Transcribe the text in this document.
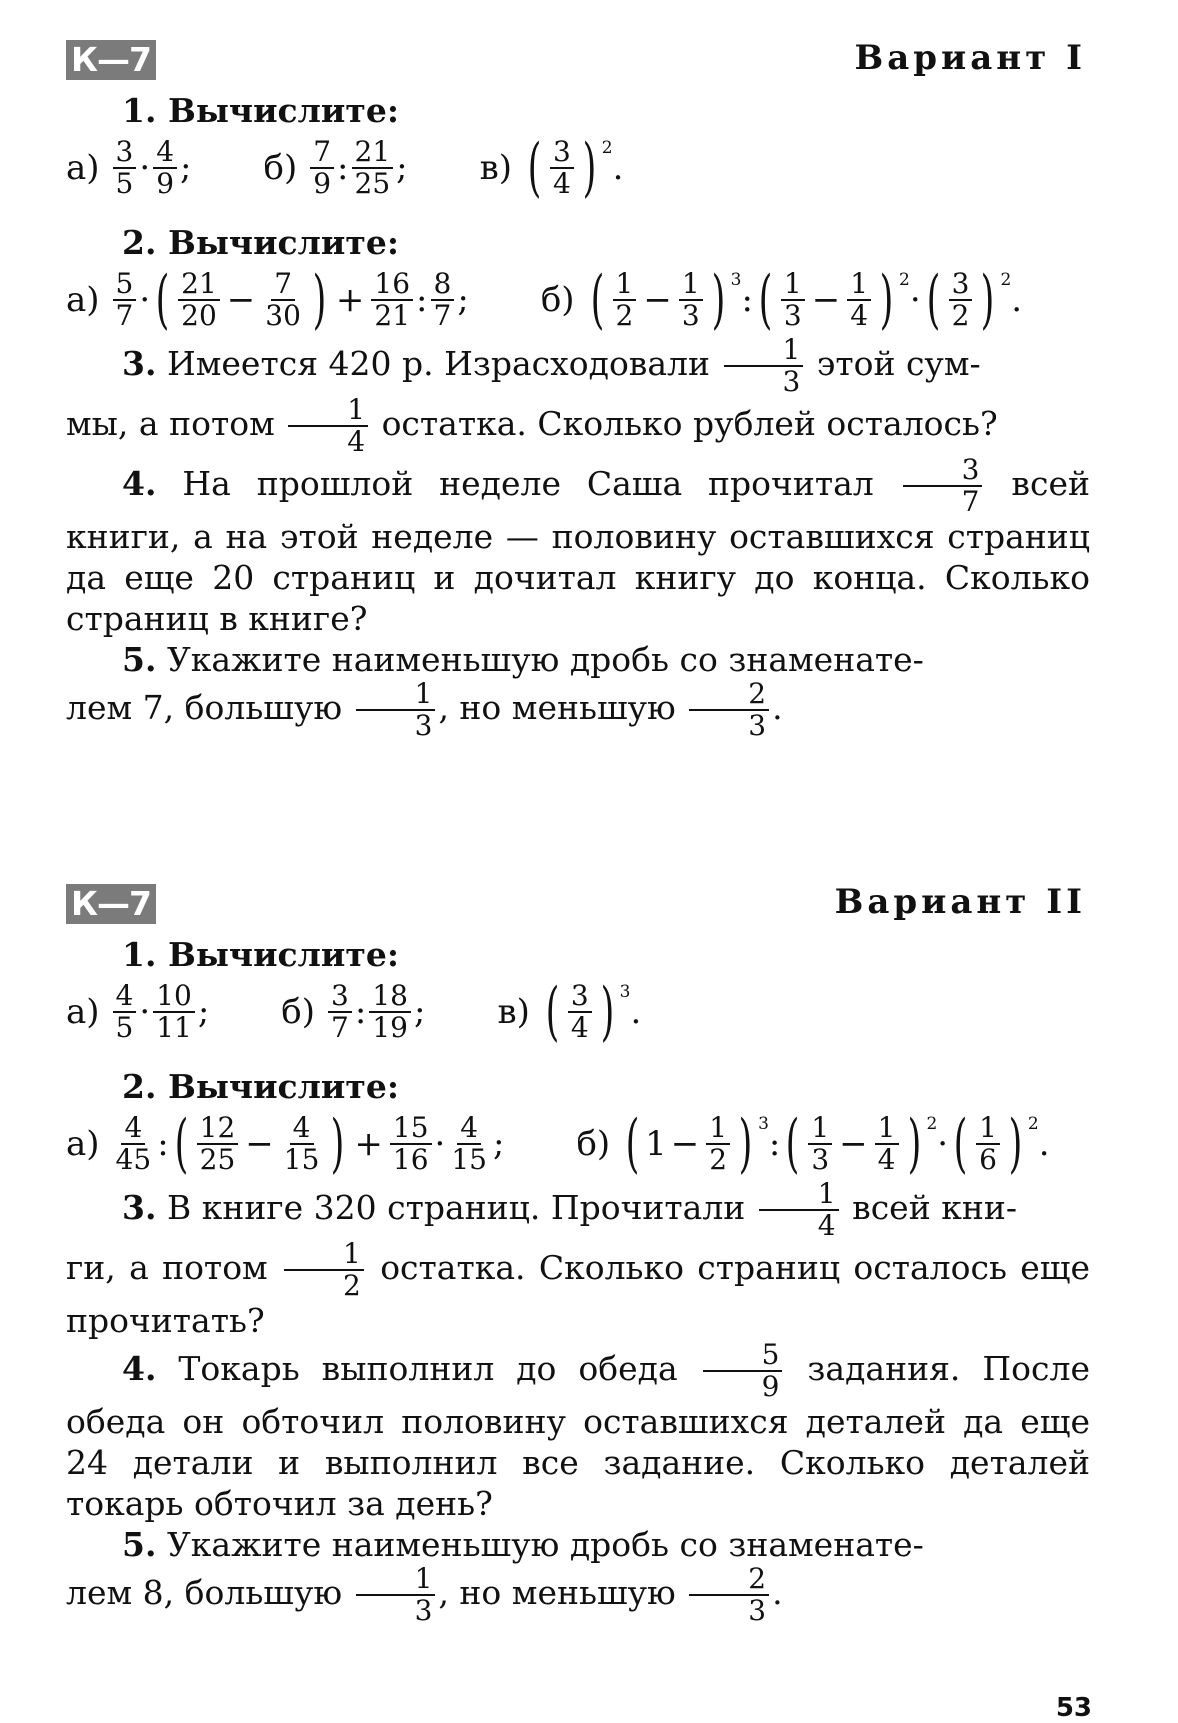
К—7	Вариант I
1. Вычислите:
а) 3
5 · 4
9 ; б) 7
9 : 21
25 ; в) ( 3
4 ) 2 .
2. Вычислите:
а) 5
7 · ( 21
$20 - \frac{7}{30}$ ) + $\frac{16}{21}$ : 8
7 ; б) ( 1
$2 - \frac{1}{3}$ ) 3 : ( 1
$3 - \frac{1}{4}$ ) 2 · ( 3
2 ) 2 .

3. Имеется 420 р. Израсходовали $\frac{1}{3}$ этой сум-
мы, а потом $\frac{1}{4}$ остатка. Сколько рублей осталось?

4. На прошлой неделе Саша прочитал $\frac{3}{7}$ всей книги, а на этой неделе — половину оставшихся страниц да еще 20 страниц и дочитал книгу до конца. Сколько страниц в книге?

5. Укажите наименьшую дробь со знаменате-
лем 7, большую $\frac{1}{3}$ , но меньшую $\frac{2}{3}$ .

К—7	Вариант II
1. Вычислите:
а) 4
5 · 10
11 ; б) 3
7 : 18
19 ; в) ( 3
4 ) 3 .
2. Вычислите:
а) 4
45 : ( 12
$25 - \frac{4}{15}$ ) + $\frac{15}{16} \cdot 4$
15 ; б) ( $1 - \frac{1}{2}$ ) 3 : ( 1
$3 - \frac{1}{4}$ ) 2 · ( 1
6 ) 2 .

3. В книге 320 страниц. Прочитали $\frac{1}{4}$ всей кни-
ги, а потом $\frac{1}{2}$ остатка. Сколько страниц осталось еще прочитать?

4. Токарь выполнил до обеда $\frac{5}{9}$ задания. После обеда он обточил половину оставшихся деталей да еще 24 детали и выполнил все задание. Сколько деталей токарь обточил за день?

5. Укажите наименьшую дробь со знаменате-
лем 8, большую $\frac{1}{3}$ , но меньшую $\frac{2}{3}$ .

53
